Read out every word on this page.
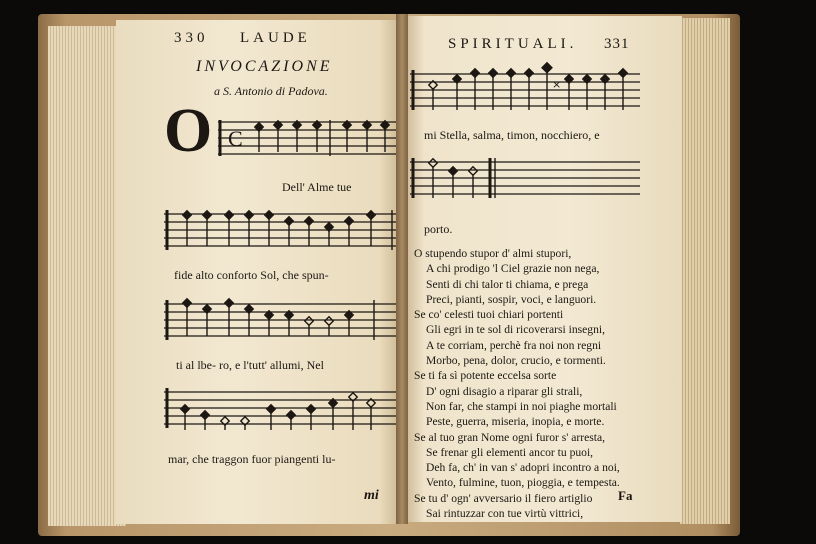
330 LAUDE
INVOCAZIONE
a S. Antonio di Padova.
O C
Dell' Alme tue
fide alto conforto Sol, che spun-
ti al lbe- ro, e l'tutt' allumi, Nel
mar, che traggon fuor piangenti lu-
mi
SPIRITUALI. 331
×
mi Stella, salma, timon, nocchiero, e
porto.
O stupendo stupor d' almi stupori,
A chi prodigo 'l Ciel grazie non nega,
Senti di chi talor ti chiama, e prega
Preci, pianti, sospir, voci, e languori.
Se co' celesti tuoi chiari portenti
Gli egri in te sol di ricoverarsi insegni,
A te corriam, perchè fra noi non regni
Morbo, pena, dolor, crucio, e tormenti.
Se ti fa sì potente eccelsa sorte
D' ogni disagio a riparar gli strali,
Non far, che stampi in noi piaghe mortali
Peste, guerra, miseria, inopia, e morte.
Se al tuo gran Nome ogni furor s' arresta,
Se frenar gli elementi ancor tu puoi,
Deh fa, ch' in van s' adopri incontro a noi,
Vento, fulmine, tuon, pioggia, e tempesta.
Se tu d' ogn' avversario il fiero artiglio
Sai rintuzzar con tue virtù vittrici,
Fa
